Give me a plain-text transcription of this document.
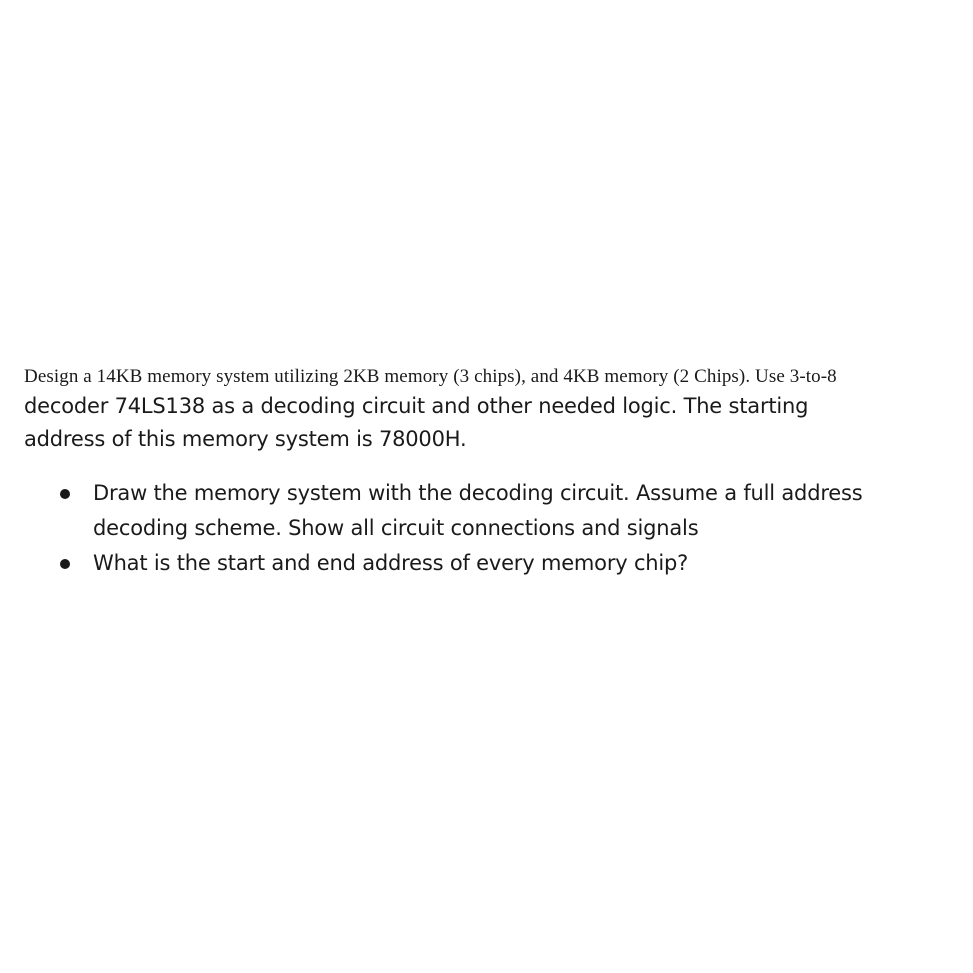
Design a 14KB memory system utilizing 2KB memory (3 chips), and 4KB memory (2 Chips). Use 3-to-8
decoder 74LS138 as a decoding circuit and other needed logic. The starting
address of this memory system is 78000H.
Draw the memory system with the decoding circuit. Assume a full address
decoding scheme. Show all circuit connections and signals
What is the start and end address of every memory chip?
